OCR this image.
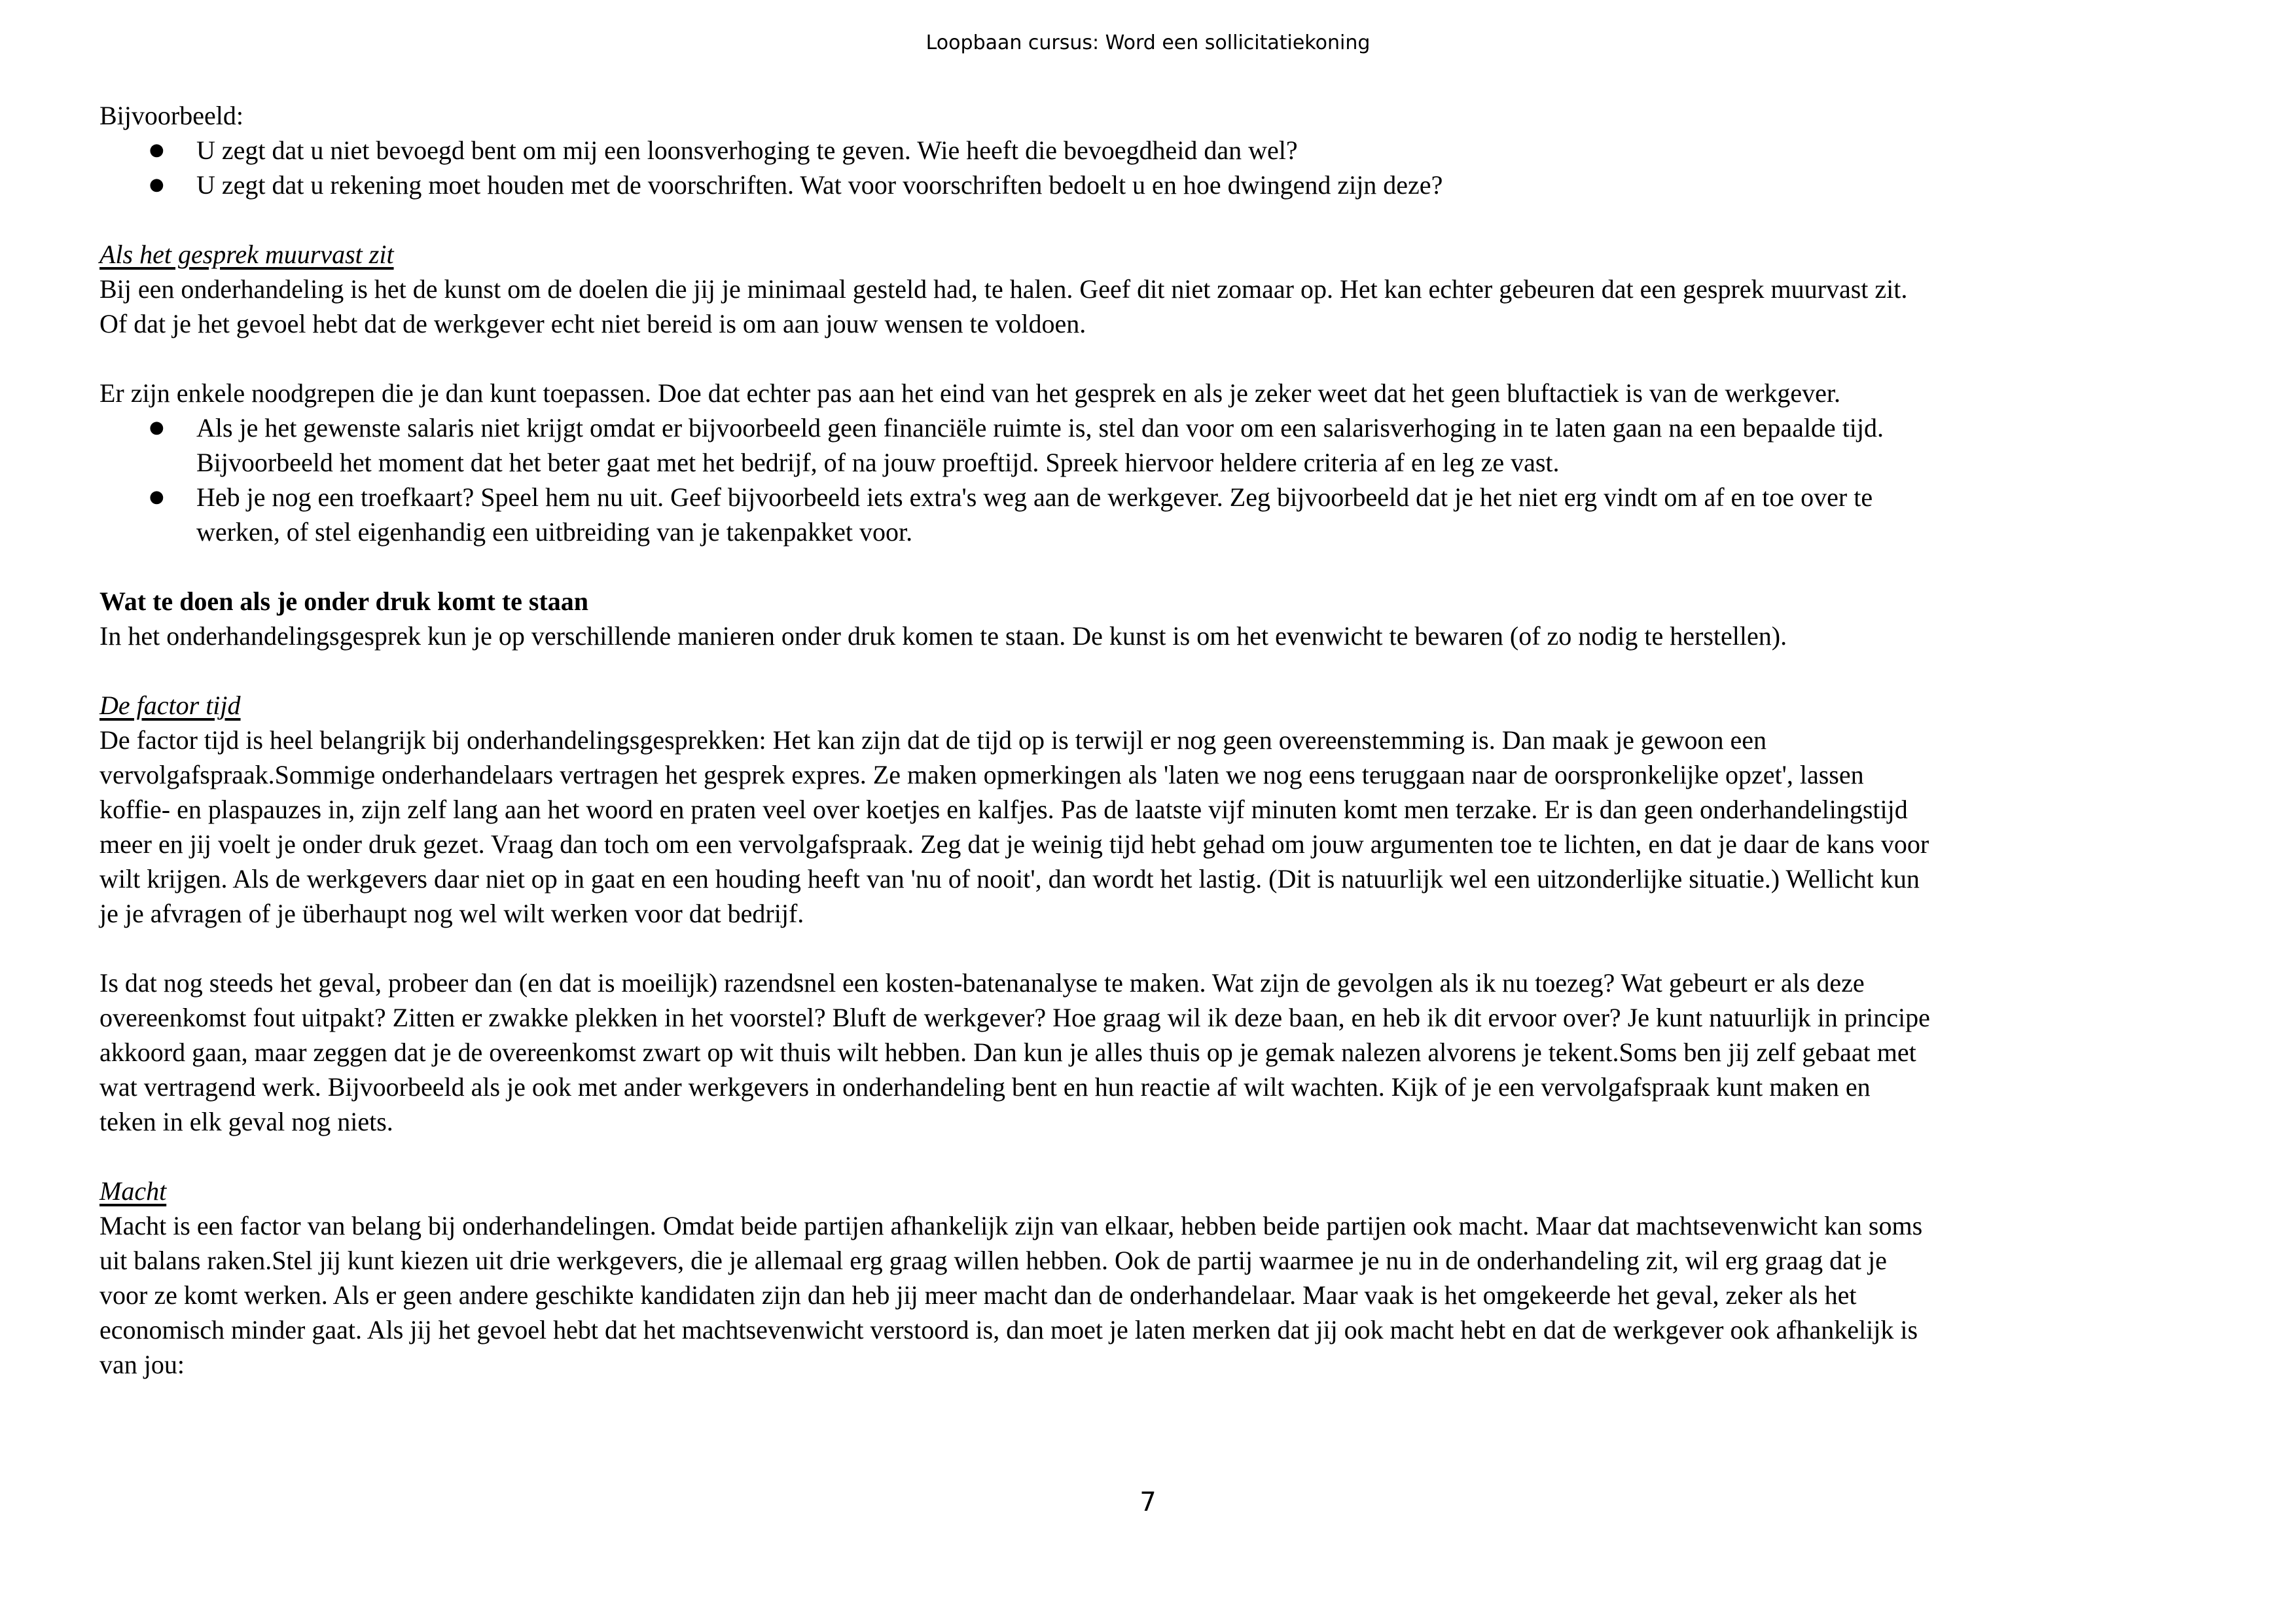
Loopbaan cursus: Word een sollicitatiekoning

Bijvoorbeeld:

● U zegt dat u niet bevoegd bent om mij een loonsverhoging te geven. Wie heeft die bevoegdheid dan wel?
● U zegt dat u rekening moet houden met de voorschriften. Wat voor voorschriften bedoelt u en hoe dwingend zijn deze?

Als het gesprek muurvast zit

Bij een onderhandeling is het de kunst om de doelen die jij je minimaal gesteld had, te halen. Geef dit niet zomaar op. Het kan echter gebeuren dat een gesprek muurvast zit.

Of dat je het gevoel hebt dat de werkgever echt niet bereid is om aan jouw wensen te voldoen.

Er zijn enkele noodgrepen die je dan kunt toepassen. Doe dat echter pas aan het eind van het gesprek en als je zeker weet dat het geen bluftactiek is van de werkgever.

● Als je het gewenste salaris niet krijgt omdat er bijvoorbeeld geen financiële ruimte is, stel dan voor om een salarisverhoging in te laten gaan na een bepaalde tijd.
Bijvoorbeeld het moment dat het beter gaat met het bedrijf, of na jouw proeftijd. Spreek hiervoor heldere criteria af en leg ze vast.
● Heb je nog een troefkaart? Speel hem nu uit. Geef bijvoorbeeld iets extra's weg aan de werkgever. Zeg bijvoorbeeld dat je het niet erg vindt om af en toe over te
werken, of stel eigenhandig een uitbreiding van je takenpakket voor.

Wat te doen als je onder druk komt te staan

In het onderhandelingsgesprek kun je op verschillende manieren onder druk komen te staan. De kunst is om het evenwicht te bewaren (of zo nodig te herstellen).

De factor tijd

De factor tijd is heel belangrijk bij onderhandelingsgesprekken: Het kan zijn dat de tijd op is terwijl er nog geen overeenstemming is. Dan maak je gewoon een

vervolgafspraak.Sommige onderhandelaars vertragen het gesprek expres. Ze maken opmerkingen als 'laten we nog eens teruggaan naar de oorspronkelijke opzet', lassen

koffie- en plaspauzes in, zijn zelf lang aan het woord en praten veel over koetjes en kalfjes. Pas de laatste vijf minuten komt men terzake. Er is dan geen onderhandelingstijd

meer en jij voelt je onder druk gezet. Vraag dan toch om een vervolgafspraak. Zeg dat je weinig tijd hebt gehad om jouw argumenten toe te lichten, en dat je daar de kans voor

wilt krijgen. Als de werkgevers daar niet op in gaat en een houding heeft van 'nu of nooit', dan wordt het lastig. (Dit is natuurlijk wel een uitzonderlijke situatie.) Wellicht kun

je je afvragen of je überhaupt nog wel wilt werken voor dat bedrijf.

Is dat nog steeds het geval, probeer dan (en dat is moeilijk) razendsnel een kosten-batenanalyse te maken. Wat zijn de gevolgen als ik nu toezeg? Wat gebeurt er als deze

overeenkomst fout uitpakt? Zitten er zwakke plekken in het voorstel? Bluft de werkgever? Hoe graag wil ik deze baan, en heb ik dit ervoor over? Je kunt natuurlijk in principe

akkoord gaan, maar zeggen dat je de overeenkomst zwart op wit thuis wilt hebben. Dan kun je alles thuis op je gemak nalezen alvorens je tekent.Soms ben jij zelf gebaat met

wat vertragend werk. Bijvoorbeeld als je ook met ander werkgevers in onderhandeling bent en hun reactie af wilt wachten. Kijk of je een vervolgafspraak kunt maken en

teken in elk geval nog niets.

Macht

Macht is een factor van belang bij onderhandelingen. Omdat beide partijen afhankelijk zijn van elkaar, hebben beide partijen ook macht. Maar dat machtsevenwicht kan soms

uit balans raken.Stel jij kunt kiezen uit drie werkgevers, die je allemaal erg graag willen hebben. Ook de partij waarmee je nu in de onderhandeling zit, wil erg graag dat je

voor ze komt werken. Als er geen andere geschikte kandidaten zijn dan heb jij meer macht dan de onderhandelaar. Maar vaak is het omgekeerde het geval, zeker als het

economisch minder gaat. Als jij het gevoel hebt dat het machtsevenwicht verstoord is, dan moet je laten merken dat jij ook macht hebt en dat de werkgever ook afhankelijk is

van jou:

7
